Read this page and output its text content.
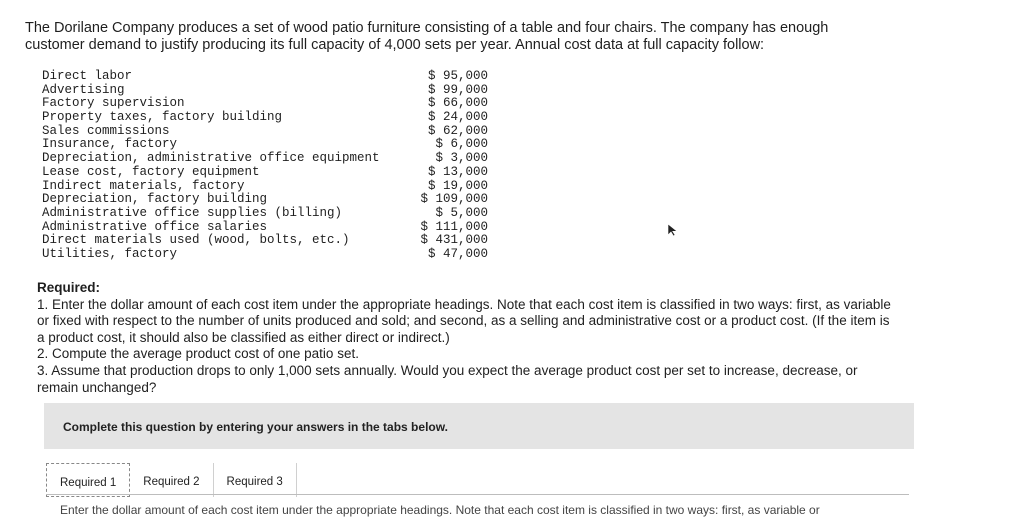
The Dorilane Company produces a set of wood patio furniture consisting of a table and four chairs. The company has enough customer demand to justify producing its full capacity of 4,000 sets per year. Annual cost data at full capacity follow:
Direct labor	$ 95,000
Advertising	$ 99,000
Factory supervision	$ 66,000
Property taxes, factory building	$ 24,000
Sales commissions	$ 62,000
Insurance, factory	$ 6,000
Depreciation, administrative office equipment	$ 3,000
Lease cost, factory equipment	$ 13,000
Indirect materials, factory	$ 19,000
Depreciation, factory building	$ 109,000
Administrative office supplies (billing)	$ 5,000
Administrative office salaries	$ 111,000
Direct materials used (wood, bolts, etc.)	$ 431,000
Utilities, factory	$ 47,000
Required:
1. Enter the dollar amount of each cost item under the appropriate headings. Note that each cost item is classified in two ways: first, as variable or fixed with respect to the number of units produced and sold; and second, as a selling and administrative cost or a product cost. (If the item is a product cost, it should also be classified as either direct or indirect.)
2. Compute the average product cost of one patio set.
3. Assume that production drops to only 1,000 sets annually. Would you expect the average product cost per set to increase, decrease, or remain unchanged?
Complete this question by entering your answers in the tabs below.
Required 1	Required 2	Required 3
Enter the dollar amount of each cost item under the appropriate headings. Note that each cost item is classified in two ways: first, as variable or
